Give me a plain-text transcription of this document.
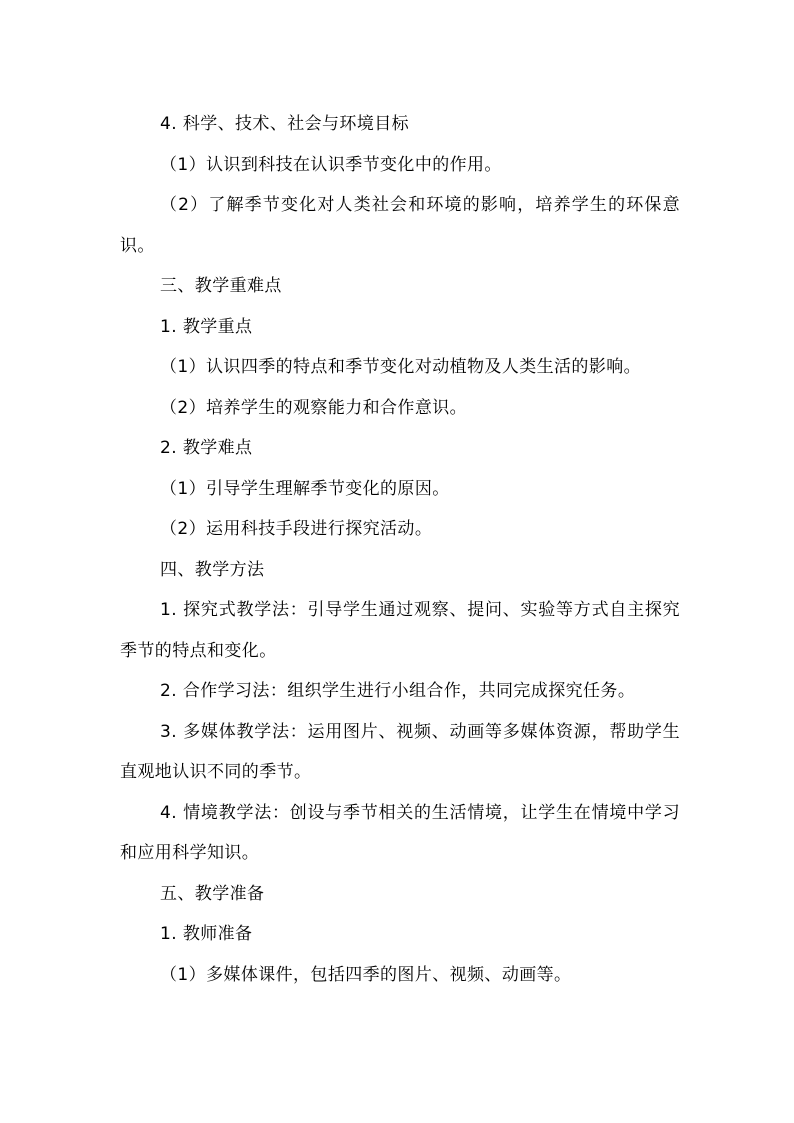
4. 科学、技术、社会与环境目标

（1）认识到科技在认识季节变化中的作用。

（2）了解季节变化对人类社会和环境的影响，培养学生的环保意识。

三、教学重难点

1. 教学重点

（1）认识四季的特点和季节变化对动植物及人类生活的影响。

（2）培养学生的观察能力和合作意识。

2. 教学难点

（1）引导学生理解季节变化的原因。

（2）运用科技手段进行探究活动。

四、教学方法

1. 探究式教学法：引导学生通过观察、提问、实验等方式自主探究季节的特点和变化。

2. 合作学习法：组织学生进行小组合作，共同完成探究任务。

3. 多媒体教学法：运用图片、视频、动画等多媒体资源，帮助学生直观地认识不同的季节。

4. 情境教学法：创设与季节相关的生活情境，让学生在情境中学习和应用科学知识。

五、教学准备

1. 教师准备

（1）多媒体课件，包括四季的图片、视频、动画等。
